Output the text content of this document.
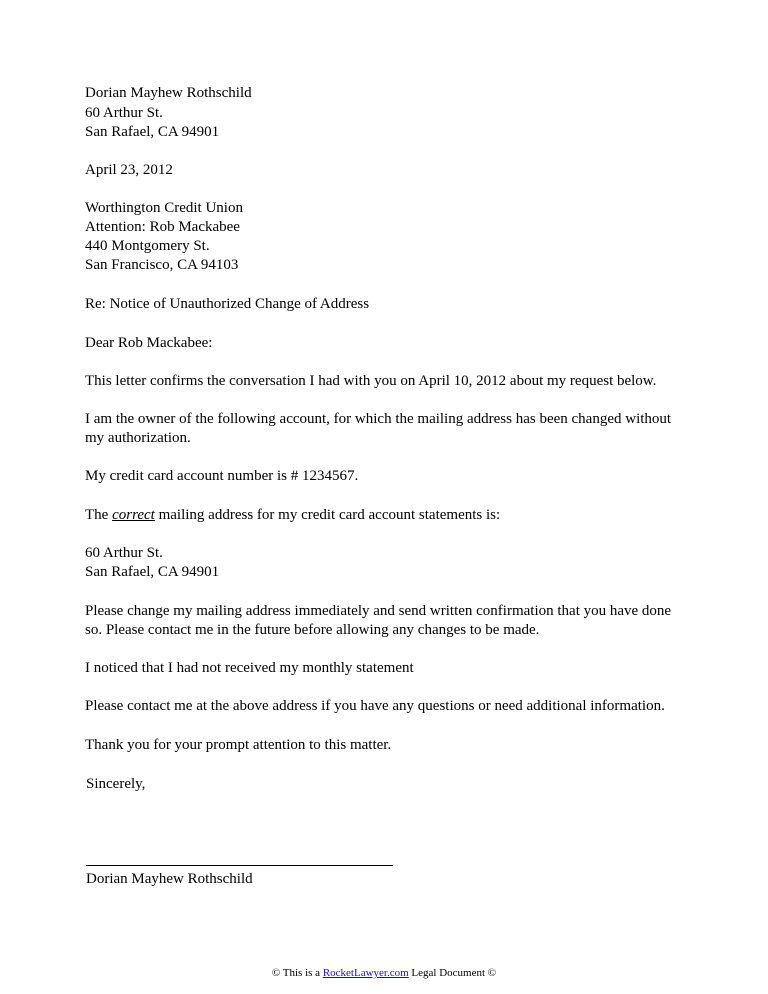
Dorian Mayhew Rothschild
60 Arthur St.
San Rafael, CA 94901
April 23, 2012
Worthington Credit Union
Attention: Rob Mackabee
440 Montgomery St.
San Francisco, CA 94103
Re: Notice of Unauthorized Change of Address
Dear Rob Mackabee:
This letter confirms the conversation I had with you on April 10, 2012 about my request below.
I am the owner of the following account, for which the mailing address has been changed without
my authorization.
My credit card account number is # 1234567.
The correct mailing address for my credit card account statements is:
60 Arthur St.
San Rafael, CA 94901
Please change my mailing address immediately and send written confirmation that you have done
so. Please contact me in the future before allowing any changes to be made.
I noticed that I had not received my monthly statement
Please contact me at the above address if you have any questions or need additional information.
Thank you for your prompt attention to this matter.
Sincerely,
Dorian Mayhew Rothschild
© This is a RocketLawyer.com Legal Document ©
